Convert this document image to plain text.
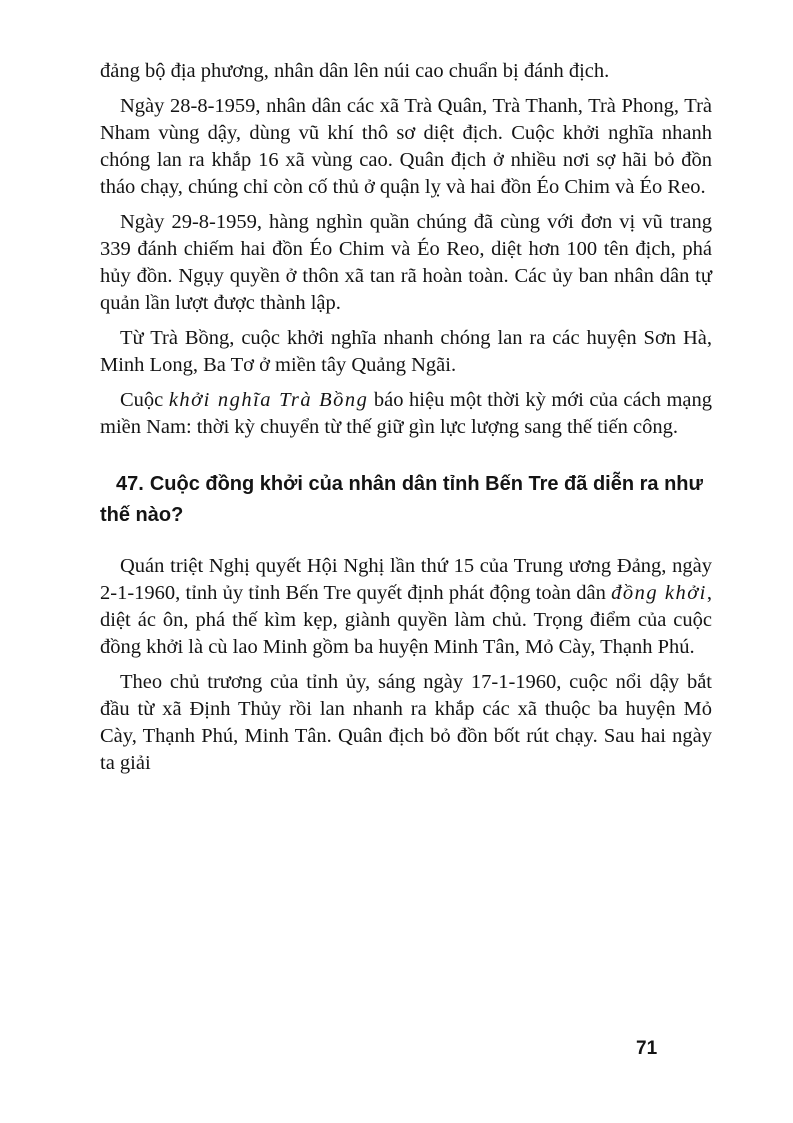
đảng bộ địa phương, nhân dân lên núi cao chuẩn bị đánh địch.

Ngày 28-8-1959, nhân dân các xã Trà Quân, Trà Thanh, Trà Phong, Trà Nham vùng dậy, dùng vũ khí thô sơ diệt địch. Cuộc khởi nghĩa nhanh chóng lan ra khắp 16 xã vùng cao. Quân địch ở nhiều nơi sợ hãi bỏ đồn tháo chạy, chúng chỉ còn cố thủ ở quận lỵ và hai đồn Éo Chim và Éo Reo.

Ngày 29-8-1959, hàng nghìn quần chúng đã cùng với đơn vị vũ trang 339 đánh chiếm hai đồn Éo Chim và Éo Reo, diệt hơn 100 tên địch, phá hủy đồn. Ngụy quyền ở thôn xã tan rã hoàn toàn. Các ủy ban nhân dân tự quản lần lượt được thành lập.

Từ Trà Bồng, cuộc khởi nghĩa nhanh chóng lan ra các huyện Sơn Hà, Minh Long, Ba Tơ ở miền tây Quảng Ngãi.

Cuộc khởi nghĩa Trà Bồng báo hiệu một thời kỳ mới của cách mạng miền Nam: thời kỳ chuyển từ thế giữ gìn lực lượng sang thế tiến công.

47. Cuộc đồng khởi của nhân dân tỉnh Bến Tre đã diễn ra như thế nào?

Quán triệt Nghị quyết Hội Nghị lần thứ 15 của Trung ương Đảng, ngày 2-1-1960, tỉnh ủy tỉnh Bến Tre quyết định phát động toàn dân đồng khởi, diệt ác ôn, phá thế kìm kẹp, giành quyền làm chủ. Trọng điểm của cuộc đồng khởi là cù lao Minh gồm ba huyện Minh Tân, Mỏ Cày, Thạnh Phú.

Theo chủ trương của tỉnh ủy, sáng ngày 17-1-1960, cuộc nổi dậy bắt đầu từ xã Định Thủy rồi lan nhanh ra khắp các xã thuộc ba huyện Mỏ Cày, Thạnh Phú, Minh Tân. Quân địch bỏ đồn bốt rút chạy. Sau hai ngày ta giải

71
